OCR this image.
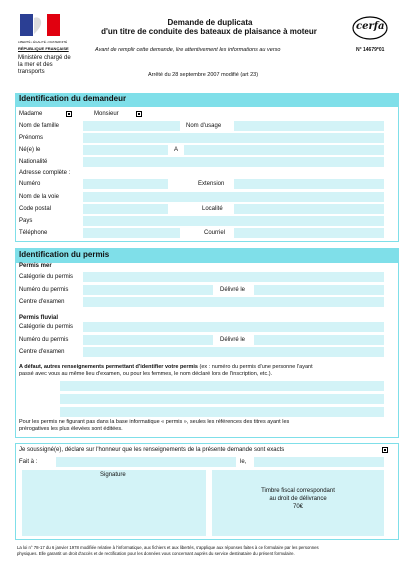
LIBERTÉ • ÉGALITÉ • FRATERNITÉ
RÉPUBLIQUE FRANÇAISE
Ministère chargé de
la mer et des
transports
Demande de duplicata
d'un titre de conduite des bateaux de plaisance à moteur	cerfa
Avant de remplir cette demande, lire attentivement les informations au verso	N° 14679*01
Arrêté du 28 septembre 2007 modifié (art 23)
Identification du demandeur
Madame	Monsieur
Nom de famille	Nom d'usage
Prénoms
Né(e) le	A
Nationalité
Adresse complète :
Numéro	Extension
Nom de la voie
Code postal	Localité
Pays
Téléphone	Courriel
Identification du permis
Permis mer
Catégorie du permis
Numéro du permis	Délivré le
Centre d'examen
Permis fluvial
Catégorie du permis
Numéro du permis	Délivré le
Centre d'examen
A défaut, autres renseignements permettant d'identifier votre permis (ex : numéro du permis d'une personne l'ayant
passé avec vous au même lieu d'examen, ou pour les femmes, le nom déclaré lors de l'inscription, etc.).
Pour les permis ne figurant pas dans la base informatique « permis », seules les références des titres ayant les
prérogatives les plus élevées sont éditées.
Je soussigné(e), déclare sur l'honneur que les renseignements de la présente demande sont exacts
Fait à :	le,
Signature
Timbre fiscal correspondant
au droit de délivrance
70€
La loi n° 78-17 du 6 janvier 1978 modifiée relative à l'informatique, aux fichiers et aux libertés, s'applique aux réponses faites à ce formulaire par les personnes
physiques. Elle garantit un droit d'accès et de rectification pour les données vous concernant auprès du service destinataire du présent formulaire.
